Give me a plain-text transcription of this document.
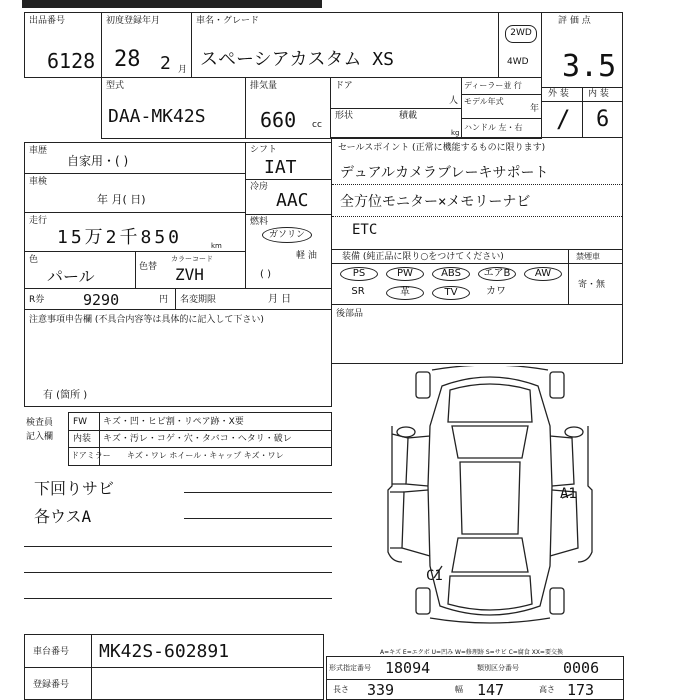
出品番号
6128
初度登録年月
28 2 月
車名・グレード
スペーシアカスタム XS
2WD
4WD
評 価 点
3.5
外 装 内 装
/ 6
型式
DAA-MK42S
排気量
660 cc
ドア
形状	積載
人
kg
ディーラー並 行
モデル年式
年
ハンドル 左・右
車歴
自家用・( )
車検
年 月( 日)
走行
15万2千850	km
色
パール	色替
カラーコード
ZVH
R券	9290	円 名変期限	月 日
注意事項申告欄 (不具合内容等は具体的に記入して下さい)
有 (箇所 )
シフト
IAT
冷房
AAC
燃料
ガソリン
軽 油
( )
セールスポイント (正常に機能するものに限ります)
デュアルカメラブレーキサポート
全方位モニター×メモリーナビ
ETC
装備 (純正品に限り○をつけてください)	禁煙車
PS	PW	ABS	エアB	AW
SR	革	TV	カワ
寄・無
後部品
検査員
記入欄
FW キズ・凹・ヒビ割・リペア跡・X要
内装 キズ・汚レ・コゲ・穴・タバコ・ヘタリ・破レ
ドアミラー キズ・ワレ ホイール・キャップ キズ・ワレ
下回りサビ
各ウスA
A1
C1
車台番号 MK42S-602891
登録番号
A=キズ E=エクボ U=凹み W=修理跡 S=サビ C=腐食 XX=要交換
形式指定番号 18094	類別区分番号	0006
長さ 339	幅 147	高さ 173
